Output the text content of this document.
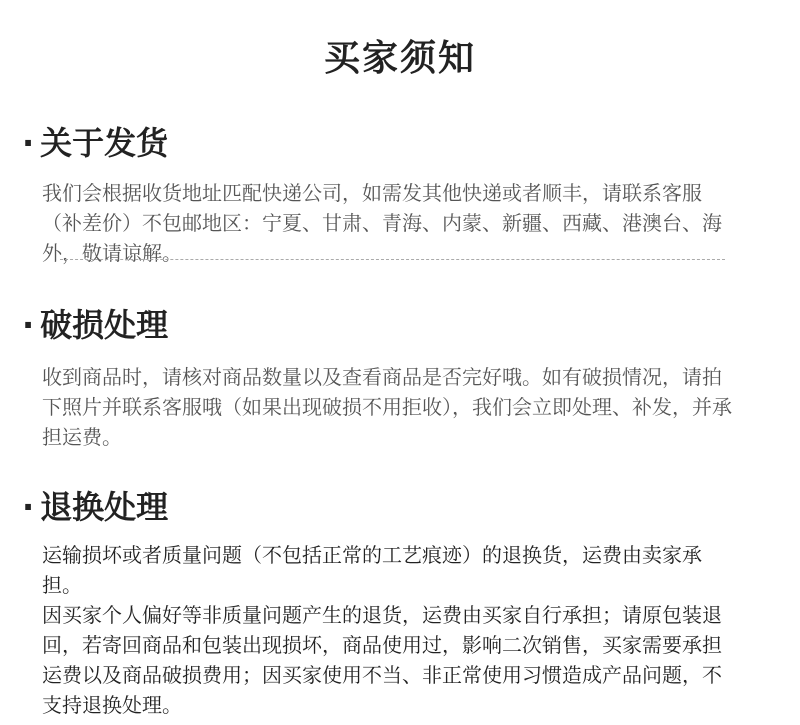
买家须知
· 关于发货

我们会根据收货地址匹配快递公司，如需发其他快递或者顺丰，请联系客服（补差价）不包邮地区：宁夏、甘肃、青海、内蒙、新疆、西藏、港澳台、海外，敬请谅解。

· 破损处理

收到商品时，请核对商品数量以及查看商品是否完好哦。如有破损情况，请拍下照片并联系客服哦（如果出现破损不用拒收），我们会立即处理、补发，并承担运费。

· 退换处理

运输损坏或者质量问题（不包括正常的工艺痕迹）的退换货，运费由卖家承担。

因买家个人偏好等非质量问题产生的退货，运费由买家自行承担；请原包装退回，若寄回商品和包装出现损坏，商品使用过，影响二次销售，买家需要承担运费以及商品破损费用；因买家使用不当、非正常使用习惯造成产品问题，不支持退换处理。
